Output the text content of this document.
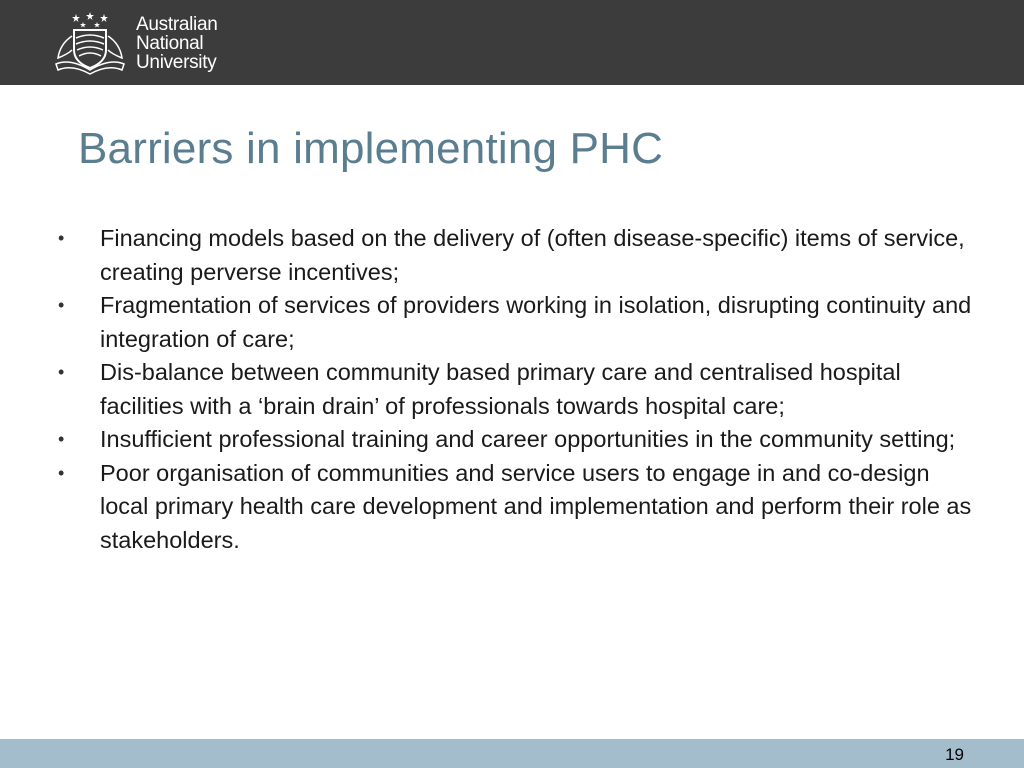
Australian
National
University
Barriers in implementing PHC
• Financing models based on the delivery of (often disease-specific) items of service, creating perverse incentives;
• Fragmentation of services of providers working in isolation, disrupting continuity and integration of care;
• Dis-balance between community based primary care and centralised hospital facilities with a ‘brain drain’ of professionals towards hospital care;
• Insufficient professional training and career opportunities in the community setting;
• Poor organisation of communities and service users to engage in and co-design local primary health care development and implementation and perform their role as stakeholders.
19
